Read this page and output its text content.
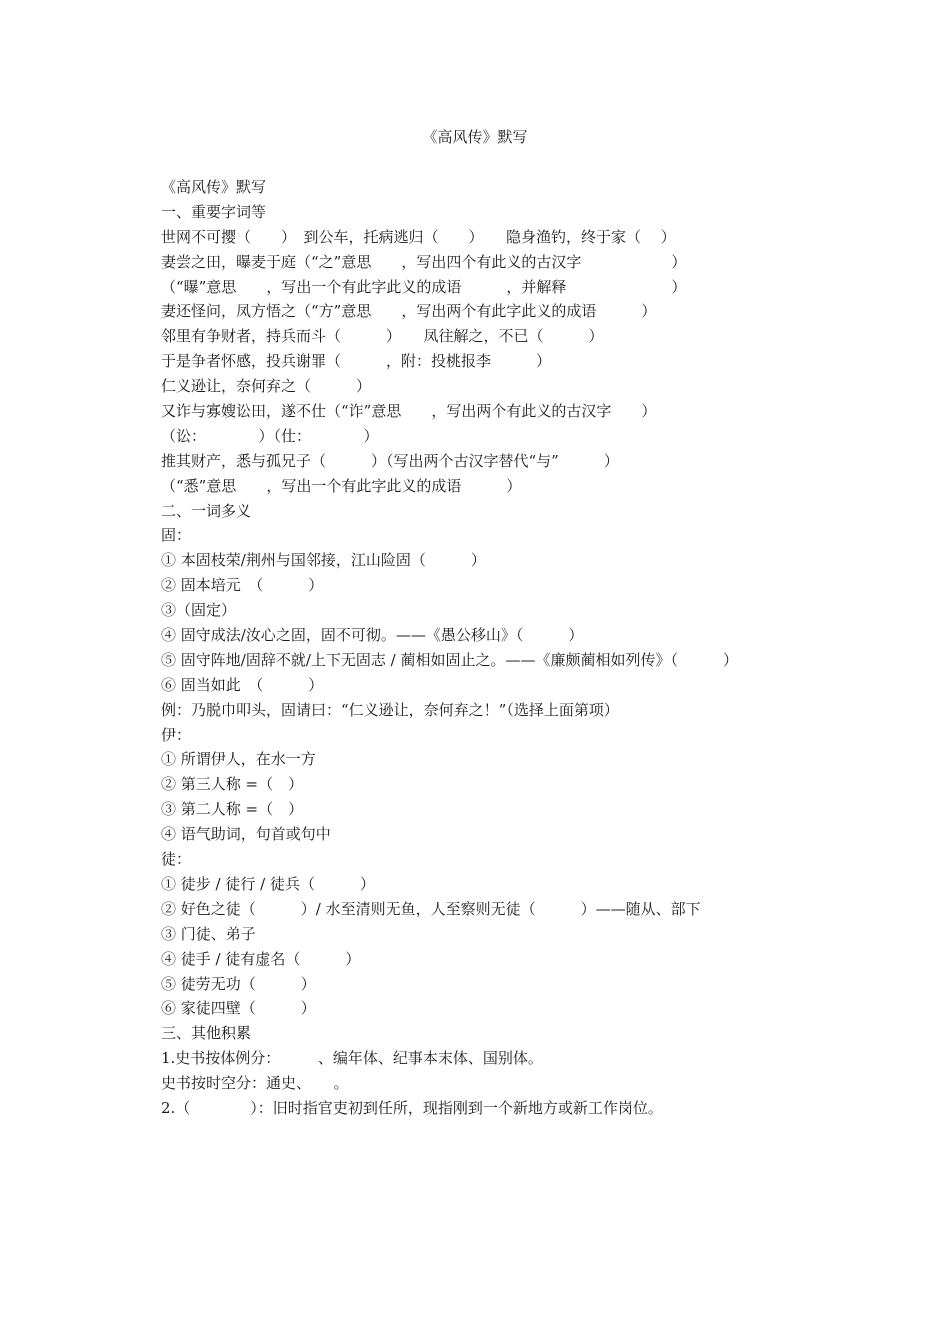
《高风传》默写
《高风传》默写
一、重要字词等
世网不可撄（　　）　到公车，托病逃归（　　）　　隐身渔钓，终于家（　 ）
妻尝之田，曝麦于庭（“之”意思　　，写出四个有此义的古汉字　　　　　　）
（“曝”意思　　，写出一个有此字此义的成语　　　，并解释　　　　　　　）
妻还怪问，凤方悟之（“方”意思　　，写出两个有此字此义的成语　　　）
邻里有争财者，持兵而斗（　　　）　　凤往解之，不已（　　　）
于是争者怀感，投兵谢罪（　　　，附：投桃报李　　　）
仁义逊让，奈何弃之（　　　）
又诈与寡嫂讼田，遂不仕（“诈”意思　　，写出两个有此义的古汉字　　）
（讼：　　　　）（仕：　　　　）
推其财产，悉与孤兄子（　　　）（写出两个古汉字替代“与”　　　）
（“悉”意思　　，写出一个有此字此义的成语　　　）
二、一词多义
固：
① 本固枝荣/荆州与国邻接，江山险固（　　　）
② 固本培元　（　　　）
③（固定）
④ 固守成法/汝心之固，固不可彻。——《愚公移山》（　　　）
⑤ 固守阵地/固辞不就/上下无固志 / 蔺相如固止之。——《廉颇蔺相如列传》（　　　）
⑥ 固当如此　（　　　）
例：乃脱巾叩头，固请曰：“仁义逊让，奈何弃之！”（选择上面第项）
伊：
① 所谓伊人，在水一方
② 第三人称 =（　）
③ 第二人称 =（　）
④ 语气助词，句首或句中
徒：
① 徒步 / 徒行 / 徒兵（　　　）
② 好色之徒（　　　）/ 水至清则无鱼，人至察则无徒（　　　）——随从、部下
③ 门徒、弟子
④ 徒手 / 徒有虚名（　　　）
⑤ 徒劳无功（　　　）
⑥ 家徒四壁（　　　）
三、其他积累
1.史书按体例分：　　　、编年体、纪事本末体、国别体。
史书按时空分：通史、　　。
2.（　　　　）：旧时指官吏初到任所，现指刚到一个新地方或新工作岗位。
